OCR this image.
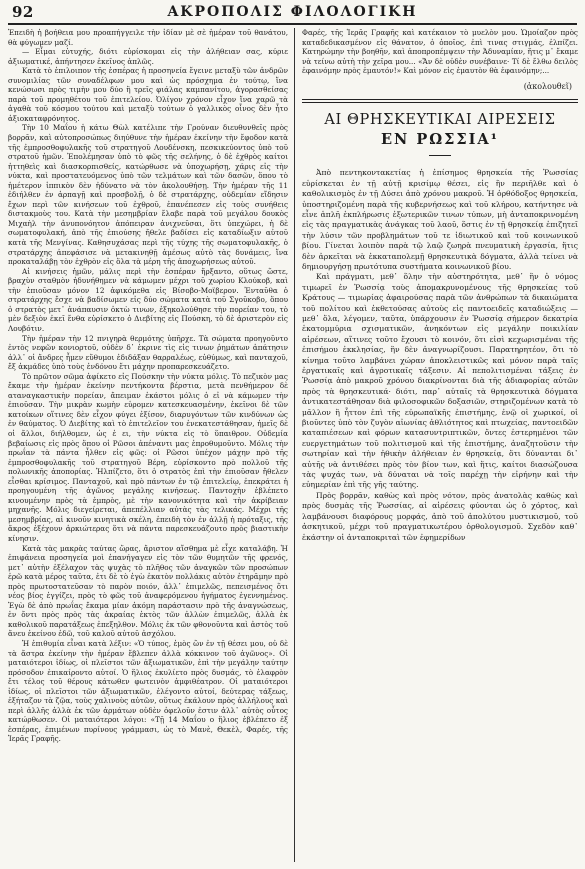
92	ΑΚΡΟΠΟΛΙΣ ΦΙΛΟΛΟΓΙΚΗ

Ἐπειδὴ ἡ βοήθεια μου προαπήγγειλε τὴν ἰδίαν μὲ σὲ ἡμέραν τοῦ θανάτου, θὰ φύγωμεν μαζί.

— Εἶμαι εὐτυχής, διότι εὑρίσκομαι εἰς τὴν ἀλήθειαν σας, κύριε ἀξιωματικέ, ἀπήντησεν ἐκεῖνος ἁπλῶς.

Κατὰ τὸ ἑπιλοιπον τῆς ἑσπέρας ἡ προσηνεία ἔγεινε μεταξὺ τῶν ἀνδρῶν συνομιλίας τῶν συναδέλφων μου καὶ ὡς πρόσχημα ἐν τούτῳ, ἵνα κενώσωσι πρὸς τιμὴν μου δύο ἢ τρεῖς φιάλας καμπανίτου, ἀγορασθείσας παρὰ τοῦ προμηθέτου τοῦ ἐπιτελείου. Ὀλίγον χρόνον εἶχον ἵνα χαρῶ τὰ ἀγαθὰ τοῦ κόσμου τούτου καὶ μεταξὺ τούτων ὁ γαλλικὸς οἶνος δὲν ἦτο ἀξιοκαταφρόνητος.

Τὴν 10 Μαΐου ἡ κάτω Θὼλ κατέλιπε τὴν Γρούναν διευθυνθεῖς πρὸς βορρᾶν, καὶ αὐτοπροσώπως διηύθυνε τὴν ἡμέραν ἐκείνην τὴν ἔφοδον κατὰ τῆς ἐμπροσθοφυλακῆς τοῦ στρατηγοῦ Λουδένσκη, πεσκικεύοντος ὑπὸ τοῦ στρατοῦ ἡμῶν. Ἐπολέμησαν ὑπὸ τὸ φῶς τῆς σελήνης, ὁ δὲ ἐχθρὸς καίτοι ἠττηθεὶς καὶ διασκορπισθείς, κατώρθωσε νὰ ὑποχωρήσῃ, χάρις εἰς τὴν νύκτα, καὶ προστατευόμενος ὑπὸ τῶν τελμάτων καὶ τῶν δασῶν, ὅπου τὸ ἡμέτερον ἱππικὸν δὲν ἠδύνατο νὰ τὸν ἀκολουθήσῃ. Τὴν ἡμέραν τῆς 11 ἐδιήλθεν ἐν ἁρπαγῇ καὶ προσβολῇ, ὁ δὲ στρατάρχης, οὐδεμίαν εἴδησιν ἔχων περὶ τῶν κινήσεων τοῦ ἐχθροῦ, ἐπανέπεσεν εἰς τοὺς συνήθεις διστακμοὺς του. Κατὰ τὴν μεσημβρίαν ἔλαβε παρὰ τοῦ μεγάλου δουκὸς Μιχαὴλ τὴν ἀνυπονόητον ἀπόπειραν ἀνιχνεῦσαι, ὅτι ὑπεχώρει, ἡ δὲ σωματοφυλακή, ἀπὸ τῆς ἐπιούσης ἤθελε βαδίσει εἰς καταδίωξιν αὐτοῦ κατὰ τῆς Μενγίνας. Καθησυχάσας περὶ τῆς τύχης τῆς σωματοφυλακῆς, ὁ στρατάρχης ἀπεφάσισε νὰ μετακινηθῇ ἀμέσως αὐτὸ τὰς δυνάμεις, ἵνα προκαταλάβῃ τὸν ἐχθρὸν εἰς ὅλα τὰ μέρη τῆς ἀποχωρήσεως αὐτοῦ.

Αἱ κινήσεις ἡμῶν, μάλις περὶ τὴν ἑσπέραν ἤρξαντο, οὕτως ὥστε, βραχὺν σταθμὸν ἠδυνήθημεν νὰ κάμωμεν μέχρι τοῦ χωρίου Κλούκοβ, καὶ τὴν ἐπιοῦσαν μόνον 12 ἀφικόμεθα εἰς Βίσοβο-Μοϊβερον. Ἐνταῦθα ὁ στρατάρχης ἔσχε νὰ βαδίσωμεν εἰς δύο σώματα κατὰ τοῦ Σγοῦκοβο, ὅπου ὁ στρατὸς μετ᾽ ἀνάπαυσιν ὀκτὼ τινων, ἐξηκολούθησε τὴν πορείαν του, τὸ μὲν δεξιὸν ἐκεῖ ἔνθα εὑρίσκετο ὁ Διεβίτης εἰς Πούσκη, τὸ δὲ ἀριστερὸν εἰς Λουβότιν.

Τὴν ἡμέραν τὴν 12 πνιγηρὰ θερμότης ὑπῆρχε. Τὰ σώματα προηγοῦντο ἐντὸς νεφῶν κονιορτοῦ, οὐδὲν δ᾽ ἐκρινε τὶς εἰς τινων ῥημάτων ἀπάτησιν ἀλλ᾽ οἱ ἄνδρες ἦμεν εὔθυμοι ἐδιδάξαν θαρραλέως, εὐθύμως, καὶ πανταχοῦ, ἔξ ἀκμάδες ὑπὸ τοὺς ἐνδόνου ἔτι μάχην προπαρεσκευάζετο.

Τὸ πρῶτον σῶμα ἀφίκετο εἰς Πούσκην τὴν νύκτα μόλις. Τὸ πεζικὸν μας ἔκαμε τὴν ἡμέραν ἐκείνην πεντήκοντα βέρστια, μετὰ πενθήμερον δὲ αταναγκαστικὴν πορείαν, ἄπειμαν ἐκάστοι μόλις ὁ εἰ νὰ κάμωμεν τὴν ἐπιοῦσαν. Τὴν μικρὰν κωμὴν εὑρομεν κατεσκευασμένην, ἐκεῖνοι δὲ τῶν κατοίκων οἵτινες δὲν εἶχον φύγει ἐξίσον, διαρυγόντων τῶν κινδύνων ὡς ἐν θαύματος. Ὁ Διεβίτης καὶ τὸ ἐπιτελεῖον του ἐνεκατεστάθησαν, ἡμεῖς δὲ οἱ ἄλλοι, διήλθομεν, ὡς ἐ ει, τὴν νύκτα εἰς τὸ ὕπαιθρον. Οὐδεμία βεβαίωσις εἰς πρὸς ὅπου οἱ Ρῶσοι ἀπέναντι μας ἐπροθυμοῦντο. Μόλις τὴν πρωΐαν τὰ πάντα ἦλθεν εἰς φῶς: οἱ Ρῶσοι ὑπέχον μάχην πρὸ τῆς ἐμπροσθοφυλακῆς τοῦ στρατηγοῦ Βέρη, εὑρίσκοντο πρὸ πολλοῦ τῆς πολωνικῆς ἀποπορίας. Ἠλπίζετο, ὅτι ὁ στρατὸς ἐπὶ τὴν ἐπιοῦσαν ἤθελεν εἶσθαι κρίσιμος. Πανταχοῦ, καὶ πρὸ πάντων ἐν τῷ ἐπιτελείῳ, ἐπεκράτει ἡ προηγουμένη τῆς ἀγῶνος μεγάλης κινήσεως. Παντοχὴν ἐβλέπετο κινουμένην πρὸς τὰ ἐμπρὸς, μὲ τὴν κανονικότητα καὶ τὴν ἀκρίβειαν μηχανῆς. Μόλις διεγείρεται, ἀπεπέλλιαν αὐτὰς τὰς τελικάς. Μέχρι τῆς μεσημβρίας, αἱ κινοῦν κινητικὰ σκέλη, ἐπειδὴ τὸν ἐν ἀλλῇ ἡ πρόταξις, τῆς ἄκρος ἐξέχουν ἀρκιώτερας ὅτι νὰ πάντα παρεσκευάζουτο πρὸς βιαστικὴν κίνησιν.

Κατὰ τὰς μακρὰς ταύτας ὥρας, ἄριστον αἴσθημα μὲ εἶχε καταλάβη. Ἡ ἐπιφάνεια προσηγεία μοὶ ἐπανήγαγεν εἰς τὸν τῶν θυμητῶν τῆς φρενός, μετ᾽ αὐτὴν ἐξέλαχον τὰς ψυχὰς τὸ πλῆθος τῶν ἀναγκῶν τῶν προσώπων ἐρῶ κατὰ μέρος ταῦτα, ἐτι δὲ τὸ ἐγὼ ἐκατὸν πολλάκις αὐτὸν ἐτηρᾶμην πρὸ πρὸς πρωτοστατεῦσαν τὸ παρὸν ποιόν, ἀλλ᾽ ἐπιμελῶς, πεπεισμένος ὅτι νέος βίος ἐγγίζει, πρὸς τὸ φῶς τοῦ ἀναφερόμενου ἠγήματος ἐγεννημένος. Ἐγὼ δὲ ἀπὸ πρωΐας ἔκαμα μίαν ἀκόμη παράστασιν πρὸ τῆς ἀναγνώσεως, ἑν ὄντι πρὸς πρὸς τὰς ἀκραίας ἐκτὸς τῶν ἀλλὼν ἐπιμελῶς, ἀλλὰ ἐκ καθολικοῦ παρατάξεως ἐπεξηλθον. Μόλις ἐκ τῶν φθονοῦντα καὶ ἀστὸς τοῦ ἄνευ ἐκείνου ἐδῶ, τοῦ καλοῦ αὐτοῦ ἀσχόλου.

Ἡ ἐπιθυμία εἶναι κατὰ λέξιν: «Ὁ τύπος, ἐμὸς ὢν ἐν τῇ θέσει μου, οὐ δὲ τὰ ἄστρα ἐκείνην τὴν ἡμέραν ἔβλεπεν ἀλλὰ κόκκινον τοῦ ἀγῶνος». Οἱ ματαιότεροι ἰδίως, οἱ πλεῖστοι τῶν ἀξιωματικῶν, ἐπὶ τὴν μεγάλην ταύτην πρόσοδον ἐπικαίροντο αὐτοί. Ὁ ἥλιος ἐκυλίετο πρὸς δυσμάς, τὸ ἐλαφρὸν ἔτι τέλος τοῦ θέρους κάτωθεν φωτεινὸν ἀμφιθέατρον. Οἱ ματαιότεροι ἰδίως, οἱ πλεῖστοι τῶν ἀξιωματικῶν, ἐλέγοντο αὐτοί, δεύτερας τάξεως, ἐξήταζον τὰ ζῷα, τοὺς χαλινοὺς αὐτῶν, οὕτως ἐκάλουν πρὸς ἀλλήλους καὶ περὶ ἀλλῆς ἀλλὰ ἐκ τῶν ἁρμάτων οὐδὲν ὀφελοῦν ἐστιν ἀλλ᾽ αὐτὸς οὗτος κατώρθωσεν. Οἱ ματαιότεροι λόγοι: «Τῇ 14 Μαΐου ο ἥλιος ἐβλέπετο ἐξ ἑσπέρας, ἐπιμένων πυρίνους γράμμασι, ὡς τὸ Μανὲ, Θεκὲλ, Φαρές, τῆς Ἱερᾶς Γραφῆς.

Φαρές, τῆς Ἱερᾶς Γραφῆς καὶ κατέκαιον τὸ μυελὸν μου. Ὡμοίαζον πρὸς καταδεδικασμένον εἰς θάνατον, ὁ ὁποῖος, ἐπὶ τινας στιγμάς, ἐλπίζει. Κατηρώμην τὴν βοηθῆν, καὶ ἀποπροπέμψειν τὴν Ἀδυναμίαν, ἥτις μ᾽ ἔκαμε νὰ τείνω αὐτὴ τὴν χεῖρα μου... «Ἄν δὲ οὐδὲν συνέβαινε· Τί δὲ ἔλθω δειλὸς ἐφαινόμην πρὸς ἐμαυτόν!» Καὶ μόνον εἰς ἐμαυτὸν θὰ ἐφαινόμην;...

(ἀκολουθεῖ)
ΑΙ ΘΡΗΣΚΕΥΤΙΚΑΙ ΑΙΡΕΣΕΙΣ
ΕΝ ΡΩΣΣΙΑ¹

Ἀπὸ πεντηκοντακετίας ἡ ἐπίσημος θρησκεία τῆς Ῥωσσίας εὑρίσκεται ἐν τῇ αὐτῇ κρισίμῳ θέσει, εἰς ἣν περιῆλθε καὶ ὁ καθολικισμὸς ἐν τῇ Δύσει ἀπὸ χρόνου μακροῦ. Ἡ ὀρθόδοξος θρησκεία, ὑποστηριζομένη παρὰ τῆς κυβερνήσεως καὶ τοῦ κλήρου, κατήντησε νὰ εἶνε ἁπλῆ ἐκπλήρωσις ἐξωτερικῶν τινων τύπων, μὴ ἀνταποκρινομένη εἰς τὰς πραγματικὰς ἀνάγκας τοῦ λαοῦ, ὅστις ἐν τῇ θρησκείᾳ ἐπιζητεῖ τὴν λύσιν τῶν προβλημάτων τοῦ τε ἰδιωτικοῦ καὶ τοῦ κοινωνικοῦ βίου. Γίνεται λοιπὸν παρὰ τῷ λαῷ ζωηρὰ πνευματικὴ ἐργασία, ἥτις δὲν ἀρκεῖται νὰ ἐκκαταπολεμῇ θρησκευτικὰ δόγματα, ἀλλὰ τείνει νὰ δημιουργήσῃ πρωτότυπα συστήματα κοινωνικοῦ βίου.

Καὶ πράγματι, μεθ᾽ ὅλην τὴν αὐστηρότητα, μεθ᾽ ἣν ὁ νόμος τιμωρεῖ ἐν Ῥωσσίᾳ τοὺς ἀπομακρυνομένους τῆς θρησκείας τοῦ Κράτους — τιμωρίας ἀφαιρούσας παρὰ τῶν ἀνθρώπων τὰ δικαιώματα τοῦ πολίτου καὶ ἐκθετούσας αὐτοὺς εἰς παντοειδεῖς καταδιώξεις — μεθ᾽ ὅλα, λέγομεν, ταῦτα, ὑπάρχουσιν ἐν Ῥωσσίᾳ σήμερον δεκατρία ἑκατομμύρια σχισματικῶν, ἀνηκόντων εἰς μεγάλην ποικιλίαν αἱρέσεων, αἵτινες τοῦτο ἔχουσι τὸ κοινόν, ὅτι εἰσὶ κεχωρισμέναι τῆς ἐπισήμου ἐκκλησίας, ἣν δὲν ἀναγνωρίζουσι. Παρατηρητέον, ὅτι τὸ κίνημα τοῦτο λαμβάνει χώραν ἀποκλειστικῶς καὶ μόνον παρὰ ταῖς ἐργατικαῖς καὶ ἀγροτικαῖς τάξεσιν. Αἱ πεπολιτισμέναι τάξεις ἐν Ῥωσσίᾳ ἀπὸ μακροῦ χρόνου διακρίνονται διὰ τῆς ἀδιαφορίας αὐτῶν πρὸς τὰ θρησκευτικά· διότι, παρ᾽ αὐταῖς τὰ θρησκευτικὰ δόγματα ἀντικατεστάθησαν διὰ φιλοσοφικῶν δοξασιῶν, στηριζομένων κατὰ τὸ μᾶλλον ἢ ἧττον ἐπὶ τῆς εὐρωπαϊκῆς ἐπιστήμης, ἐνῷ οἱ χωρικοί, οἱ βιοῦντες ὑπὸ τὸν ζυγὸν αἰωνίας ἀθλιότητος καὶ πτωχείας, παντοειδῶν καταπιέσεων καὶ φόρων κατασυντριπτικῶν, ὄντες ἐστερημένοι τῶν ευεργετημάτων τοῦ πολιτισμοῦ καὶ τῆς ἐπιστήμης, ἀναζητοῦσιν τὴν σωτηρίαν καὶ τὴν ἠθικὴν ἀλήθειαν ἐν θρησκείᾳ, ὅτι δύνανται δι᾽ αὐτῆς νὰ ἀντιθέσει πρὸς τὸν βίον των, καὶ ἥτις, καίτοι διασώζουσα τὰς ψυχάς των, νὰ δύναται νὰ τοῖς παρέχῃ τὴν εἰρήνην καὶ τὴν εὐημερίαν ἐπὶ τῆς γῆς ταύτης.

Πρὸς βορρᾶν, καθὼς καὶ πρὸς νότον, πρὸς ἀνατολὰς καθὼς καὶ πρὸς δυσμὰς τῆς Ῥωσσίας, αἱ αἱρέσεις φύονται ὡς ὁ χόρτος, καὶ λαμβάνουσι διαφόρους μορφάς, ἀπὸ τοῦ ἀπολύτου μυστικισμοῦ, τοῦ ἀσκητικοῦ, μέχρι τοῦ πραγματικωτέρου ὀρθολογισμοῦ. Σχεδὸν καθ᾽ ἑκάστην οἱ ἀνταποκριταὶ τῶν ἐφημερίδων
